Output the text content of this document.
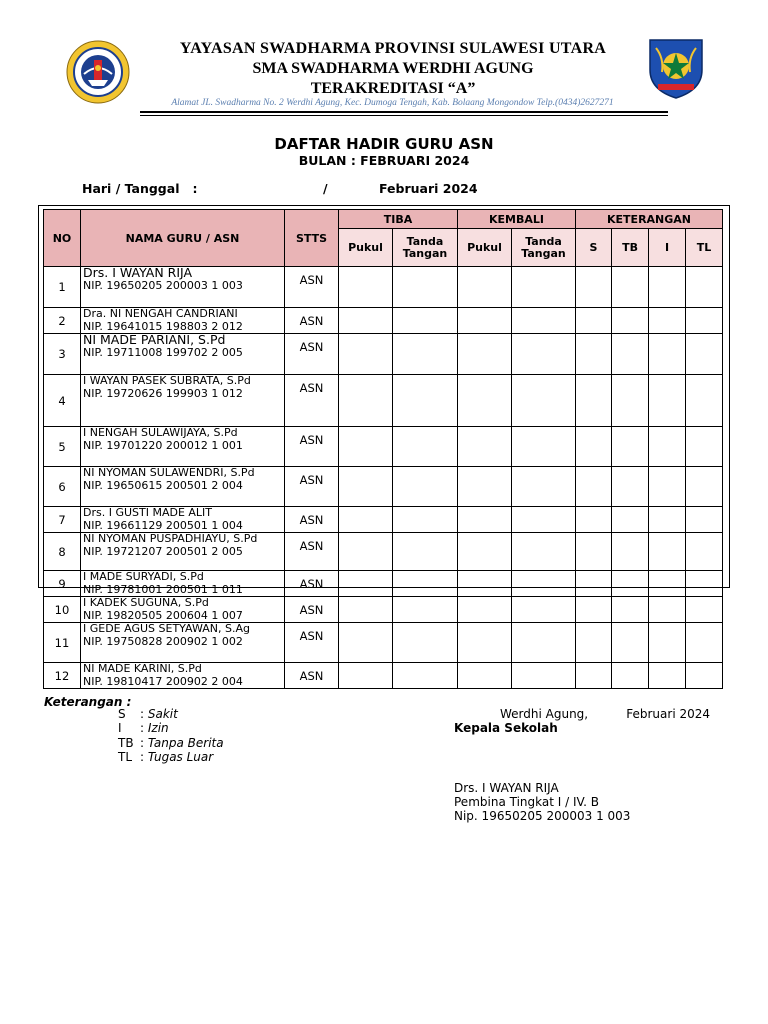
YAYASAN SWADHARMA PROVINSI SULAWESI UTARA
SMA SWADHARMA WERDHI AGUNG
TERAKREDITASI “A”
Alamat JL. Swadharma No. 2 Werdhi Agung, Kec. Dumoga Tengah, Kab. Bolaang Mongondow Telp.(0434)2627271
DAFTAR HADIR GURU ASN
BULAN : FEBRUARI 2024
Hari / Tanggal   :	/	Februari 2024
NO	NAMA GURU / ASN	STTS	TIBA		KEMBALI		KETERANGAN			
			Pukul	Tanda Tangan	Pukul	Tanda Tangan	S	TB	I	TL
1	Drs. I WAYAN RIJA
NIP. 19650205 200003 1 003	ASN								
2	Dra. NI NENGAH CANDRIANI
NIP. 19641015 198803 2 012	ASN								
3	NI MADE PARIANI, S.Pd
NIP. 19711008 199702 2 005	ASN								
4	I WAYAN PASEK SUBRATA, S.Pd
NIP. 19720626 199903 1 012	ASN								
5	I NENGAH SULAWIJAYA, S.Pd
NIP. 19701220 200012 1 001	ASN								
6	NI NYOMAN SULAWENDRI, S.Pd
NIP. 19650615 200501 2 004	ASN								
7	Drs. I GUSTI MADE ALIT
NIP. 19661129 200501 1 004	ASN								
8	NI NYOMAN PUSPADHIAYU, S.Pd
NIP. 19721207 200501 2 005	ASN								
9	I MADE SURYADI, S.Pd
NIP. 19781001 200501 1 011	ASN								
10	I KADEK SUGUNA, S.Pd
NIP. 19820505 200604 1 007	ASN								
11	I GEDE AGUS SETYAWAN, S.Ag
NIP. 19750828 200902 1 002	ASN								
12	NI MADE KARINI, S.Pd
NIP. 19810417 200902 2 004	ASN								
Keterangan :
S : Sakit
I : Izin
TB : Tanpa Berita
TL : Tugas Luar
Werdhi Agung,          Februari 2024
Kepala Sekolah
Drs. I WAYAN RIJA
Pembina Tingkat I / IV. B
Nip. 19650205 200003 1 003
